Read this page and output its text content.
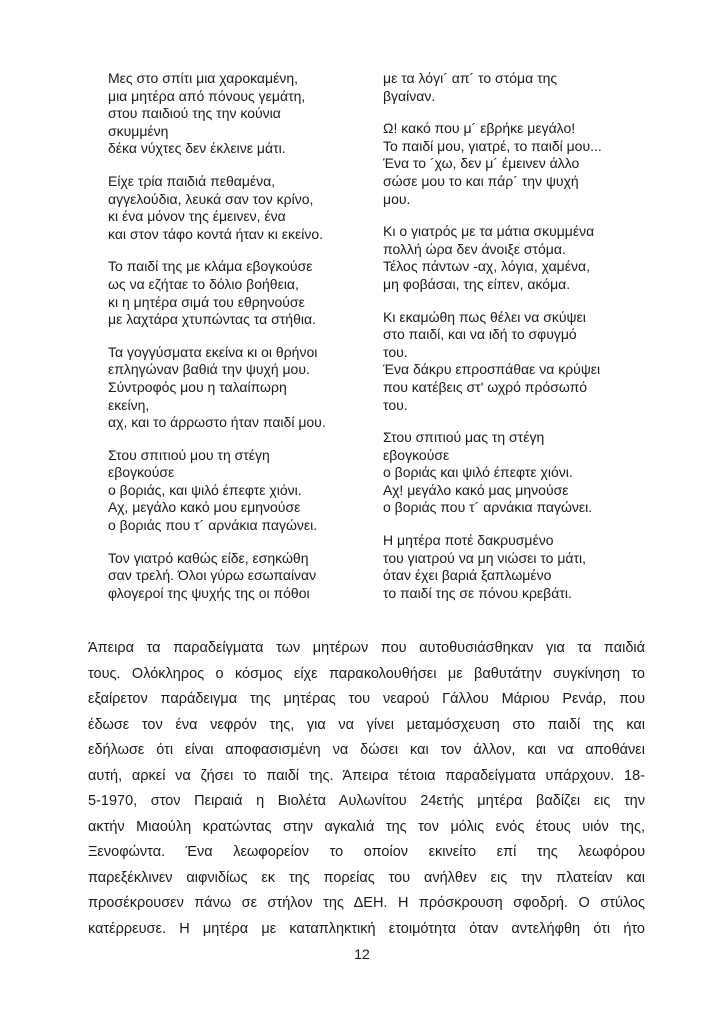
Μες στο σπίτι μια χαροκαμένη,
μια μητέρα από πόνους γεμάτη,
στου παιδιού της την κούνια
σκυμμένη
δέκα νύχτες δεν έκλεινε μάτι.
Είχε τρία παιδιά πεθαμένα,
αγγελούδια, λευκά σαν τον κρίνο,
κι ένα μόνον της έμεινεν, ένα
και στον τάφο κοντά ήταν κι εκείνο.
Το παιδί της με κλάμα εβογκούσε
ως να εζήταε το δόλιο βοήθεια,
κι η μητέρα σιμά του εθρηνούσε
με λαχτάρα χτυπώντας τα στήθια.
Τα γογγύσματα εκείνα κι οι θρήνοι
επληγώναν βαθιά την ψυχή μου.
Σύντροφός μου η ταλαίπωρη
εκείνη,
αχ, και το άρρωστο ήταν παιδί μου.
Στου σπιτιού μου τη στέγη
εβογκούσε
ο βοριάς, και ψιλό έπεφτε χιόνι.
Αχ, μεγάλο κακό μου εμηνούσε
ο βοριάς που τ´ αρνάκια παγώνει.
Τον γιατρό καθώς είδε, εσηκώθη
σαν τρελή. Όλοι γύρω εσωπαίναν
φλογεροί της ψυχής της οι πόθοι
με τα λόγι´ απ´ το στόμα της
βγαίναν.
Ω! κακό που μ´ εβρήκε μεγάλο!
Το παιδί μου, γιατρέ, το παιδί μου...
Ένα το ´χω, δεν μ´ έμεινεν άλλο
σώσε μου το και πάρ´ την ψυχή
μου.
Κι ο γιατρός με τα μάτια σκυμμένα
πολλή ώρα δεν άνοιξε στόμα.
Τέλος πάντων -αχ, λόγια, χαμένα,
μη φοβάσαι, της είπεν, ακόμα.
Κι εκαμώθη πως θέλει να σκύψει
στο παιδί, και να ιδή το σφυγμό
του.
Ένα δάκρυ επροσπάθαε να κρύψει
που κατέβεις στ' ωχρό πρόσωπό
του.
Στου σπιτιού μας τη στέγη
εβογκούσε
ο βοριάς και ψιλό έπεφτε χιόνι.
Αχ! μεγάλο κακό μας μηνούσε
ο βοριάς που τ´ αρνάκια παγώνει.
Η μητέρα ποτέ δακρυσμένο
του γιατρού να μη νιώσει το μάτι,
όταν έχει βαριά ξαπλωμένο
το παιδί της σε πόνου κρεβάτι.
Άπειρα τα παραδείγματα των μητέρων που αυτοθυσιάσθηκαν για τα παιδιά
τους. Ολόκληρος ο κόσμος είχε παρακολουθήσει με βαθυτάτην συγκίνηση το
εξαίρετον παράδειγμα της μητέρας του νεαρού Γάλλου Μάριου Ρενάρ, που
έδωσε τον ένα νεφρόν της, για να γίνει μεταμόσχευση στο παιδί της και
εδήλωσε ότι είναι αποφασισμένη να δώσει και τον άλλον, και να αποθάνει
αυτή, αρκεί να ζήσει το παιδί της. Άπειρα τέτοια παραδείγματα υπάρχουν. 18-
5-1970, στον Πειραιά η Βιολέτα Αυλωνίτου 24ετής μητέρα βαδίζει εις την
ακτήν Μιαούλη κρατώντας στην αγκαλιά της τον μόλις ενός έτους υιόν της,
Ξενοφώντα. Ένα λεωφορείον το οποίον εκινείτο επί της λεωφόρου
παρεξέκλινεν αιφνιδίως εκ της πορείας του ανήλθεν εις την πλατείαν και
προσέκρουσεν πάνω σε στήλον της ΔΕΗ. Η πρόσκρουση σφοδρή. Ο στύλος
κατέρρευσε. Η μητέρα με καταπληκτική ετοιμότητα όταν αντελήφθη ότι ήτο
12
